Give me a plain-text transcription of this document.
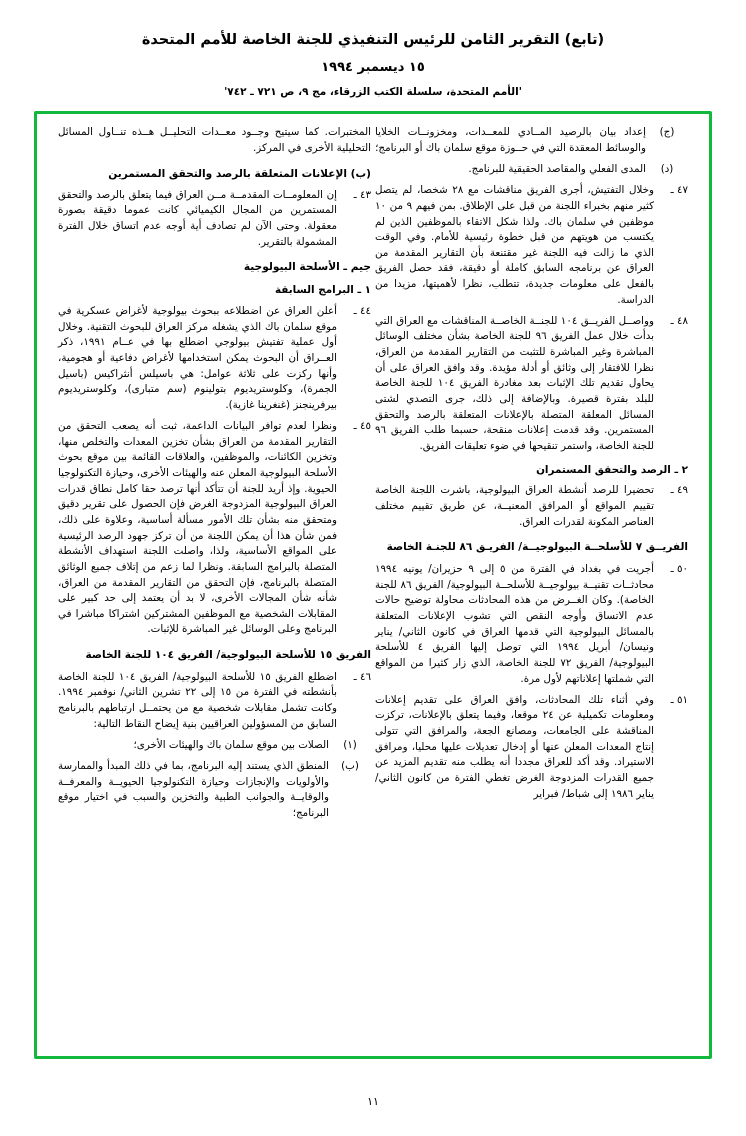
(تابع) التقرير الثامن للرئيس التنفيذي للجنة الخاصة للأمم المتحدة
١٥ ديسمبر ١٩٩٤
'الأمم المتحدة، سلسلة الكتب الزرقاء، مج ٩، ص ٧٢١ ـ ٧٤٢'

المختبرات. كما سيتيح وجــود معــدات التحليــل هــذه تنــاول المسائل التحليلية الأخرى في المركز.

(ب) الإعلانات المتعلقة بالرصد والتحقق المستمرين
٤٣ ـ
إن المعلومــات المقدمــة مــن العراق فيما يتعلق بالرصد والتحقق المستمرين من المجال الكيميائي كانت عموما دقيقة بصورة معقولة. وحتى الآن لم تصادف أية أوجه عدم اتساق خلال الفترة المشمولة بالتقرير.
جيم ـ الأسلحة البيولوجية
١ ـ البرامج السابقة
٤٤ ـ
أعلن العراق عن اضطلاعه ببحوث بيولوجية لأغراض عسكرية في موقع سلمان باك الذي يشغله مركز العراق للبحوث التقنية. وخلال أول عملية تفتيش بيولوجي اضطلع بها في عــام ١٩٩١، ذكر العــراق أن البحوث يمكن استخدامها لأغراض دفاعية أو هجومية، وأنها ركزت على ثلاثة عوامل: هي باسيلس أنثراكيس (باسيل الجمرة)، وكلوستريديوم بتولينوم (سم متبارى)، وكلوستريديوم بيرفرينجنز (غنغرينا غازية).
٤٥ ـ
ونظرا لعدم توافر البيانات الداعمة، ثبت أنه يصعب التحقق من التقارير المقدمة من العراق بشأن تخزين المعدات والتخلص منها، وتخزين الكائنات، والموظفين، والعلاقات القائمة بين موقع بحوث الأسلحة البيولوجية المعلن عنه والهيئات الأخرى، وحيازة التكنولوجيا الحيوية. وإذ أريد للجنة أن تتأكد أنها ترصد حقا كامل نطاق قدرات العراق البيولوجية المزدوجة الغرض فإن الحصول على تقرير دقيق ومتحقق منه بشأن تلك الأمور مسألة أساسية، وعلاوة على ذلك، فمن شأن هذا أن يمكن اللجنة من أن تركز جهود الرصد الرئيسية على المواقع الأساسية، ولذا، واصلت اللجنة استهداف الأنشطة المتصلة بالبرامج السابقة. ونظرا لما زعم من إتلاف جميع الوثائق المتصلة بالبرنامج، فإن التحقق من التقارير المقدمة من العراق، شأنه شأن المجالات الأخرى، لا بد أن يعتمد إلى حد كبير على المقابلات الشخصية مع الموظفين المشتركين اشتراكا مباشرا في البرنامج وعلى الوسائل غير المباشرة للإثبات.
الفريق ١٥ للأسلحة البيولوجية/ الفريق ١٠٤ للجنة الخاصة
٤٦ ـ
اضطلع الفريق ١٥ للأسلحة البيولوجية/ الفريق ١٠٤ للجنة الخاصة بأنشطته في الفترة من ١٥ إلى ٢٢ تشرين الثاني/ نوفمبر ١٩٩٤. وكانت تشمل مقابلات شخصية مع من يحتمــل ارتباطهم بالبرنامج السابق من المسؤولين العراقيين بنية إيضاح النقاط التالية:
(١)
الصلات بين موقع سلمان باك والهيئات الأخرى؛
(ب)
المنطق الذي يستند إليه البرنامج، بما في ذلك المبدأ والممارسة والأولويات والإنجازات وحيازة التكنولوجيا الحيويــة والمعرفــة والوقايــة والجوانب الطبية والتخزين والسبب في اختيار موقع البرنامج؛
(ج)
إعداد بيان بالرصيد المــادي للمعــدات، ومخزونــات الخلايا والوسائط المعقدة التي في حــوزة موقع سلمان باك أو البرنامج؛
(د)
المدى الفعلي والمقاصد الحقيقية للبرنامج.
٤٧ ـ
وخلال التفتيش، أجرى الفريق مناقشات مع ٢٨ شخصا، لم يتصل كثير منهم بخبراء اللجنة من قبل على الإطلاق. بمن فيهم ٩ من ١٠ موظفين في سلمان باك. ولذا شكل الاتقاء بالموظفين الذين لم يكتسب من هويتهم من قبل خطوة رئيسية للأمام. وفي الوقت الذي ما زالت فيه اللجنة غير مقتنعة بأن التقارير المقدمة من العراق عن برنامجه السابق كاملة أو دقيقة، فقد حصل الفريق بالفعل على معلومات جديدة، تتطلب، نظرا لأهميتها، مزيدا من الدراسة.
٤٨ ـ
وواصــل الفريــق ١٠٤ للجنــة الخاصــة المناقشات مع العراق التي بدأت خلال عمل الفريق ٩٦ للجنة الخاصة بشأن مختلف الوسائل المباشرة وغير المباشرة للتثبت من التقارير المقدمة من العراق، نظرا للافتقار إلى وثائق أو أدلة مؤيدة. وقد وافق العراق على أن يحاول تقديم تلك الإثبات بعد مغادرة الفريق ١٠٤ للجنة الخاصة للبلد بفترة قصيرة. وبالإضافة إلى ذلك، جرى التصدي لشتى المسائل المعلقة المتصلة بالإعلانات المتعلقة بالرصد والتحقق المستمرين. وقد قدمت إعلانات منقحة، حسبما طلب الفريق ٩٦ للجنة الخاصة، واستمر تنقيحها في ضوء تعليقات الفريق.
٢ ـ الرصد والتحقق المستمران
٤٩ ـ
تحضيرا للرصد أنشطة العراق البيولوجية، باشرت اللجنة الخاصة تقييم المواقع أو المرافق المعنيــة، عن طريق تقييم مختلف العناصر المكونة لقدرات العراق.
الفريــق ٧ للأسلحــة البيولوجيــة/ الفريـق ٨٦ للجنـة الخاصة
٥٠ ـ
أجريت في بغداد في الفترة من ٥ إلى ٩ حزيران/ يونيه ١٩٩٤ محادثــات تقنيــة بيولوجيــة للأسلحــة البيولوجية/ الفريق ٨٦ للجنة الخاصة). وكان الغــرض من هذه المحادثات محاولة توضيح حالات عدم الاتساق وأوجه النقص التي تشوب الإعلانات المتعلقة بالمسائل البيولوجية التي قدمها العراق في كانون الثاني/ يناير ونيسان/ أبريل ١٩٩٤ التي توصل إليها الفريق ٤ للأسلحة البيولوجية/ الفريق ٧٢ للجنة الخاصة، الذي زار كثيرا من المواقع التي شملتها إعلاناتهم لأول مرة.
٥١ ـ
وفي أثناء تلك المحادثات، وافق العراق على تقديم إعلانات ومعلومات تكميلية عن ٢٤ موقعا، وفيما يتعلق بالإعلانات، تركزت المناقشة على الجامعات، ومصانع الجعة، والمرافق التي تتولى إنتاج المعدات المعلن عنها أو إدخال تعديلات عليها محليا، ومرافق الاستيراد. وقد أكد للعراق مجددا أنه يطلب منه تقديم المزيد عن جميع القدرات المزدوجة الغرض تغطي الفترة من كانون الثاني/ يناير ١٩٨٦ إلى شباط/ فبراير
١١
